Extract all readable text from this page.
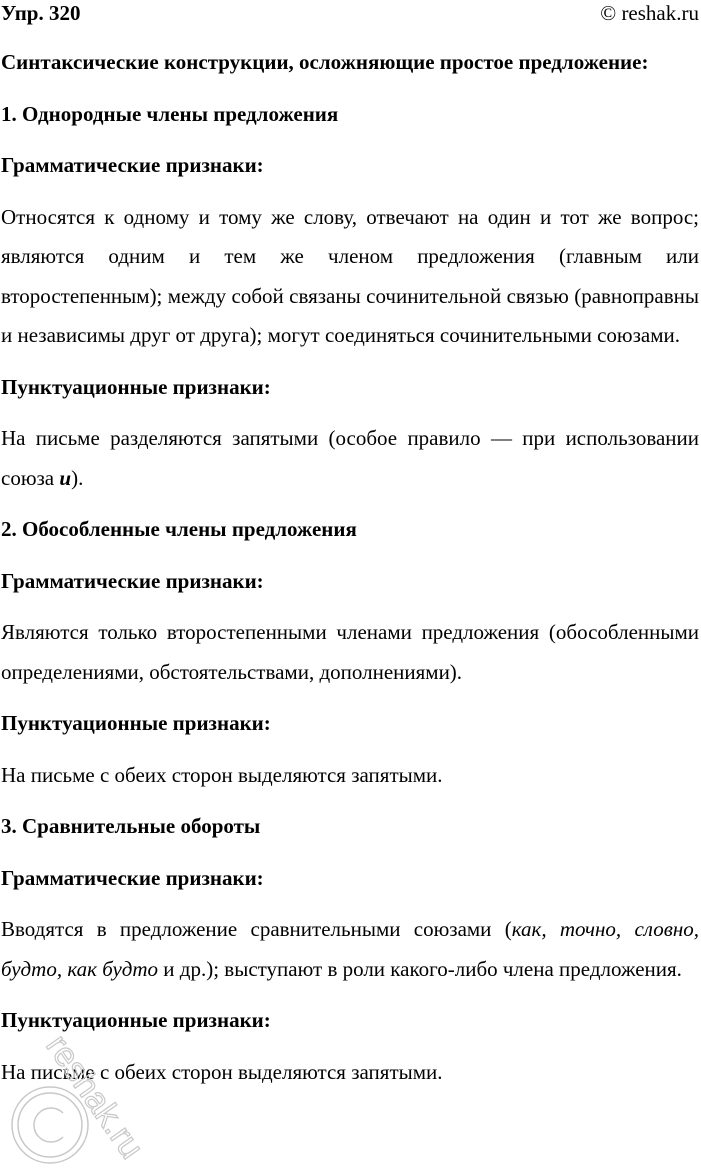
Упр. 320	© reshak.ru

Синтаксические конструкции, осложняющие простое предложение:

1. Однородные члены предложения

Грамматические признаки:

Относятся к одному и тому же слову, отвечают на один и тот же вопрос; являются одним и тем же членом предложения (главным или второстепенным); между собой связаны сочинительной связью (равноправны и независимы друг от друга); могут соединяться сочинительными союзами.

Пунктуационные признаки:

На письме разделяются запятыми (особое правило — при использовании союза и).

2. Обособленные члены предложения

Грамматические признаки:

Являются только второстепенными членами предложения (обособленными определениями, обстоятельствами, дополнениями).

Пунктуационные признаки:

На письме с обеих сторон выделяются запятыми.

3. Сравнительные обороты

Грамматические признаки:

Вводятся в предложение сравнительными союзами (как, точно, словно, будто, как будто и др.); выступают в роли какого-либо члена предложения.

Пунктуационные признаки:

На письме с обеих сторон выделяются запятыми.

reshak.ru
